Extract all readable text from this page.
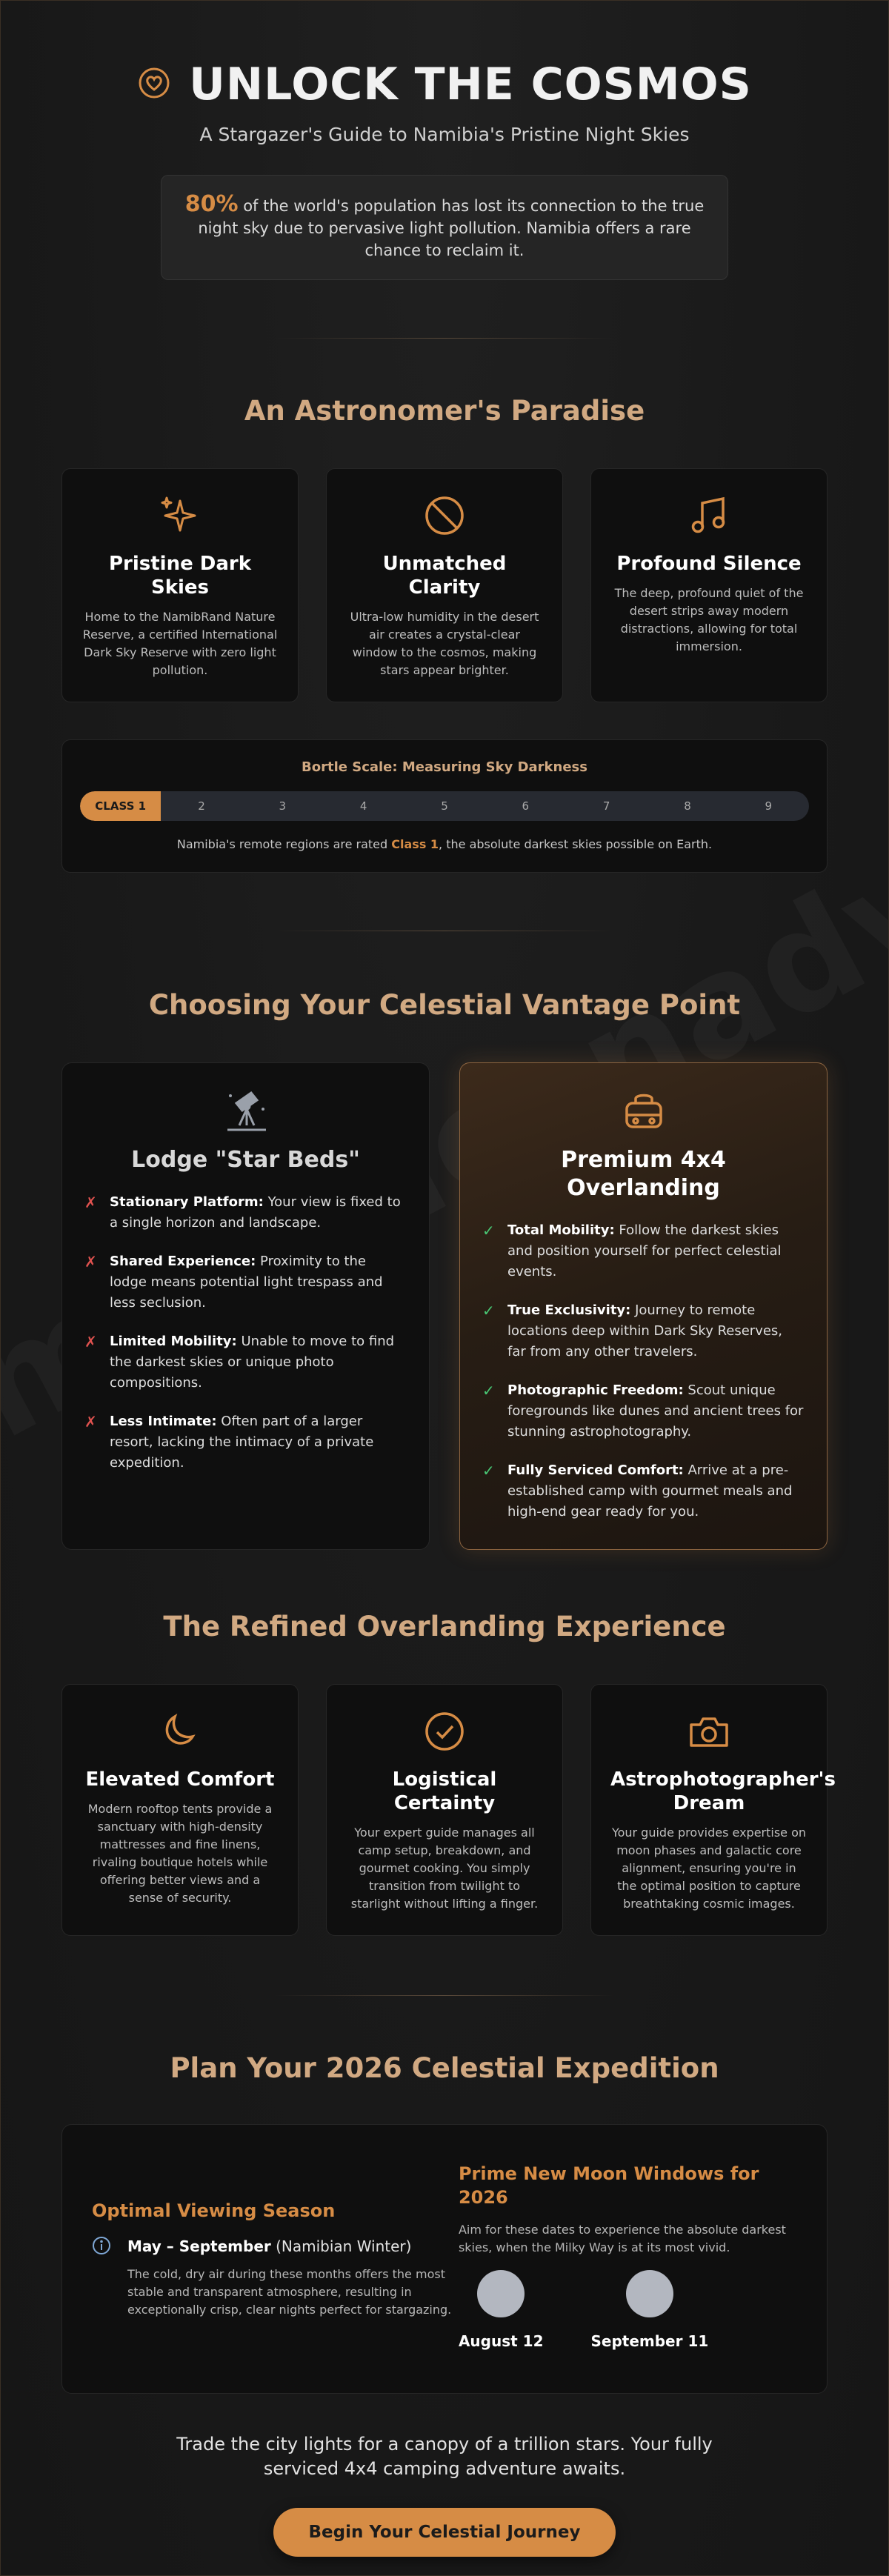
UNLOCK THE COSMOS
A Stargazer's Guide to Namibia's Pristine Night Skies
80% of the world's population has lost its connection to the true night sky due to pervasive light pollution. Namibia offers a rare chance to reclaim it.
An Astronomer's Paradise
Pristine Dark Skies

Home to the NamibRand Nature Reserve, a certified International Dark Sky Reserve with zero light pollution.

Unmatched Clarity

Ultra-low humidity in the desert air creates a crystal-clear window to the cosmos, making stars appear brighter.

Profound Silence

The deep, profound quiet of the desert strips away modern distractions, allowing for total immersion.

Bortle Scale: Measuring Sky Darkness
CLASS 1	2	3	4	5	6	7	8	9
Namibia's remote regions are rated Class 1, the absolute darkest skies possible on Earth.
Choosing Your Celestial Vantage Point
Lodge "Star Beds"
✗ Stationary Platform: Your view is fixed to a single horizon and landscape.
✗ Shared Experience: Proximity to the lodge means potential light trespass and less seclusion.
✗ Limited Mobility: Unable to move to find the darkest skies or unique photo compositions.
✗ Less Intimate: Often part of a larger resort, lacking the intimacy of a private expedition.
Premium 4x4 Overlanding
✓ Total Mobility: Follow the darkest skies and position yourself for perfect celestial events.
✓ True Exclusivity: Journey to remote locations deep within Dark Sky Reserves, far from any other travelers.
✓ Photographic Freedom: Scout unique foregrounds like dunes and ancient trees for stunning astrophotography.
✓ Fully Serviced Comfort: Arrive at a pre-established camp with gourmet meals and high-end gear ready for you.
The Refined Overlanding Experience
Elevated Comfort

Modern rooftop tents provide a sanctuary with high-density mattresses and fine linens, rivaling boutique hotels while offering better views and a sense of security.

Logistical Certainty

Your expert guide manages all camp setup, breakdown, and gourmet cooking. You simply transition from twilight to starlight without lifting a finger.

Astrophotographer's Dream

Your guide provides expertise on moon phases and galactic core alignment, ensuring you're in the optimal position to capture breathtaking cosmic images.

Plan Your 2026 Celestial Expedition
Optimal Viewing Season
May – September (Namibian Winter)
The cold, dry air during these months offers the most stable and transparent atmosphere, resulting in exceptionally crisp, clear nights perfect for stargazing.
Prime New Moon Windows for 2026

Aim for these dates to experience the absolute darkest skies, when the Milky Way is at its most vivid.

August 12	September 11

Trade the city lights for a canopy of a trillion stars. Your fully serviced 4x4 camping adventure awaits.

Begin Your Celestial Journey
